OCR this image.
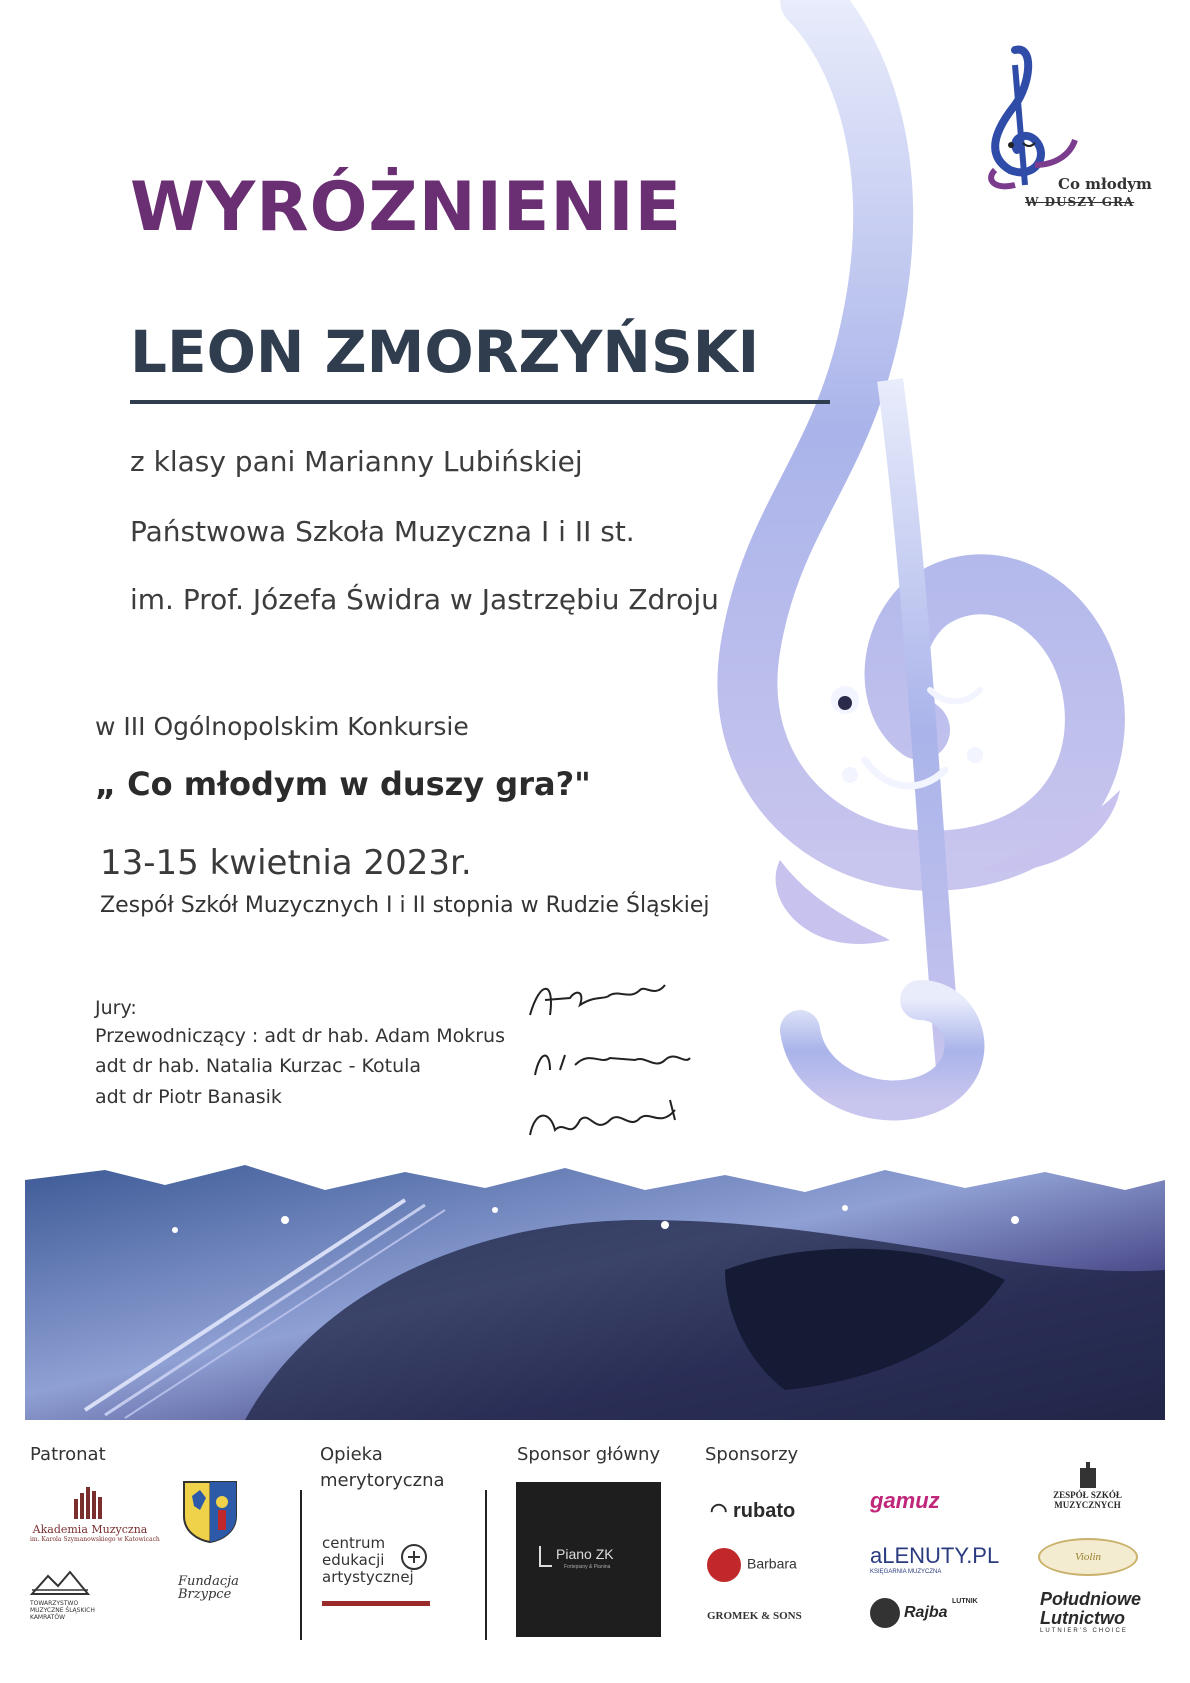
Co młodym
W DUSZY GRA
WYRÓŻNIENIE
LEON ZMORZYŃSKI
z klasy pani Marianny Lubińskiej
Państwowa Szkoła Muzyczna I i II st.
im. Prof. Józefa Świdra w Jastrzębiu Zdroju
w III Ogólnopolskim Konkursie
„ Co młodym w duszy gra?"
13-15 kwietnia 2023r.
Zespół Szkół Muzycznych I i II stopnia w Rudzie Śląskiej
Jury:
Przewodniczący : adt dr hab. Adam Mokrus
adt dr hab. Natalia Kurzac - Kotula
adt dr Piotr Banasik
Patronat	Opieka
merytoryczna
Sponsor główny Sponsorzy
Akademia Muzyczna
im. Karola Szymanowskiego w Katowicach
TOWARZYSTWO MUZYCZNE ŚLĄSKICH KAMRATÓW
Fundacja Brzypce
centrum
edukacji
artystycznej
Piano ZK
Fortepiany & Pianina
◠ rubato
Barbara
GROMEK & SONS
gamuz
aLENUTY.PL
KSIĘGARNIA MUZYCZNA
Rajba $^{LUTNIK}$
ZESPÓŁ SZKÓŁ MUZYCZNYCH
Violin
Południowe
Lutnictwo
LUTNIER'S CHOICE
